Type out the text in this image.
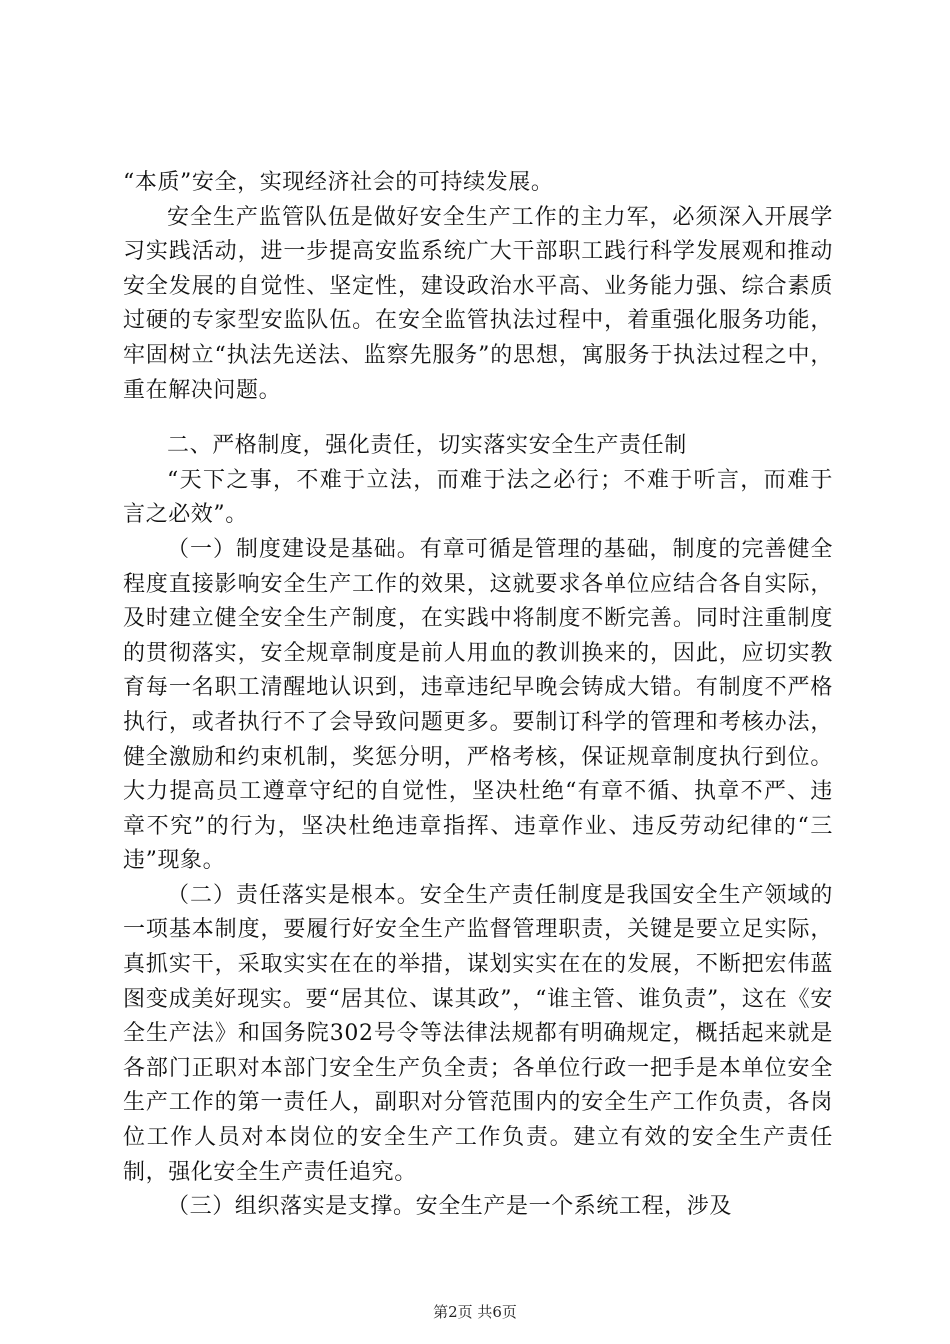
“本质”安全，实现经济社会的可持续发展。

安全生产监管队伍是做好安全生产工作的主力军，必须深入开展学习实践活动，进一步提高安监系统广大干部职工践行科学发展观和推动安全发展的自觉性、坚定性，建设政治水平高、业务能力强、综合素质过硬的专家型安监队伍。在安全监管执法过程中，着重强化服务功能，牢固树立“执法先送法、监察先服务”的思想，寓服务于执法过程之中，重在解决问题。

二、严格制度，强化责任，切实落实安全生产责任制

“天下之事，不难于立法，而难于法之必行；不难于听言，而难于言之必效”。

（一）制度建设是基础。有章可循是管理的基础，制度的完善健全程度直接影响安全生产工作的效果，这就要求各单位应结合各自实际，及时建立健全安全生产制度，在实践中将制度不断完善。同时注重制度的贯彻落实，安全规章制度是前人用血的教训换来的，因此，应切实教育每一名职工清醒地认识到，违章违纪早晚会铸成大错。有制度不严格执行，或者执行不了会导致问题更多。要制订科学的管理和考核办法，健全激励和约束机制，奖惩分明，严格考核，保证规章制度执行到位。大力提高员工遵章守纪的自觉性，坚决杜绝“有章不循、执章不严、违章不究”的行为，坚决杜绝违章指挥、违章作业、违反劳动纪律的“三违”现象。

（二）责任落实是根本。安全生产责任制度是我国安全生产领域的一项基本制度，要履行好安全生产监督管理职责，关键是要立足实际，真抓实干，采取实实在在的举措，谋划实实在在的发展，不断把宏伟蓝图变成美好现实。要“居其位、谋其政”，“谁主管、谁负责”，这在《安全生产法》和国务院302号令等法律法规都有明确规定，概括起来就是各部门正职对本部门安全生产负全责；各单位行政一把手是本单位安全生产工作的第一责任人，副职对分管范围内的安全生产工作负责，各岗位工作人员对本岗位的安全生产工作负责。建立有效的安全生产责任制，强化安全生产责任追究。

（三）组织落实是支撑。安全生产是一个系统工程，涉及

第2页 共6页
